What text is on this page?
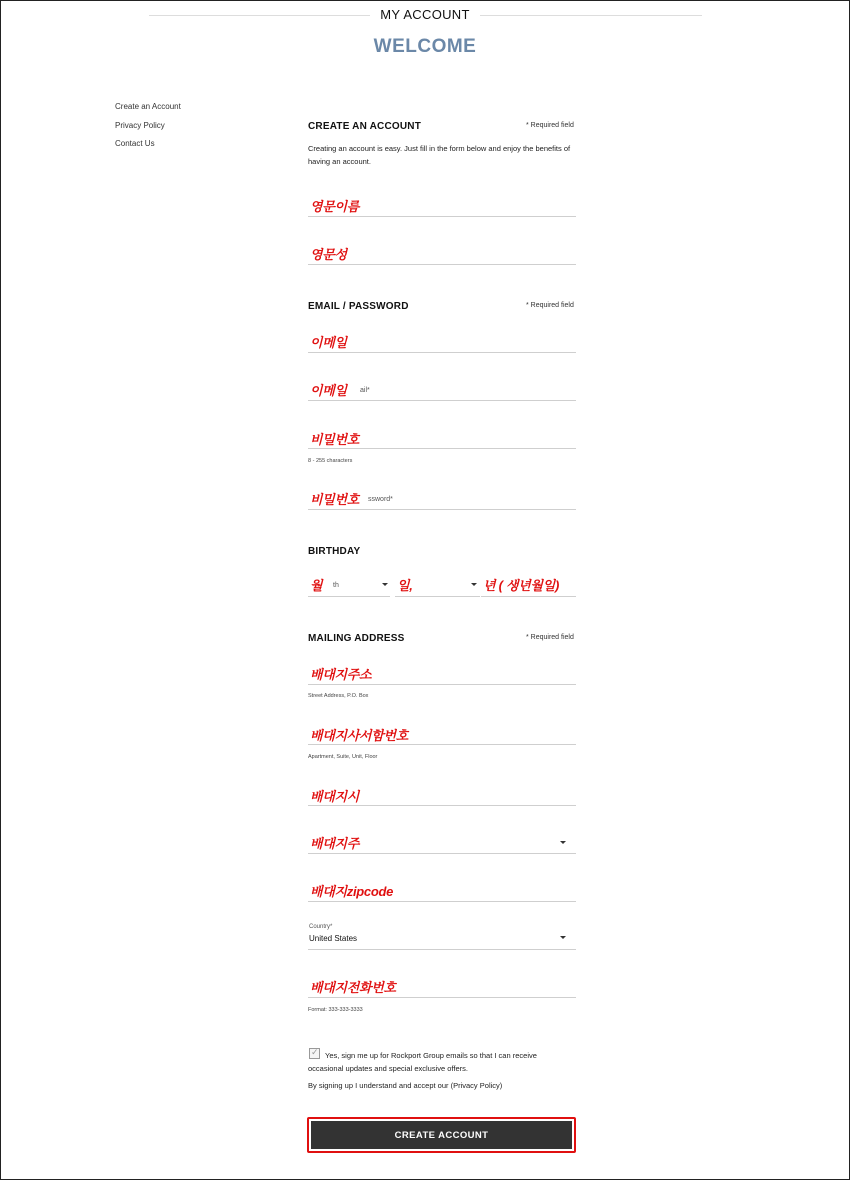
MY ACCOUNT
WELCOME
Create an Account
Privacy Policy
Contact Us
CREATE AN ACCOUNT	* Required field
Creating an account is easy. Just fill in the form below and enjoy the benefits of having an account.
영문이름
영문성
EMAIL / PASSWORD	* Required field
이메일
ail*
이메일
비밀번호
8 - 255 characters
ssword*
비밀번호
BIRTHDAY
th
월	일,	년 ( 생년월일)
MAILING ADDRESS	* Required field
배대지주소
Street Address, P.O. Box
배대지사서함번호
Apartment, Suite, Unit, Floor
배대지시
배대지주
배대지zipcode
Country*
United States
배대지전화번호
Format: 333-333-3333
✓ Yes, sign me up for Rockport Group emails so that I can receive occasional updates and special exclusive offers.
By signing up I understand and accept our (Privacy Policy)
CREATE ACCOUNT
